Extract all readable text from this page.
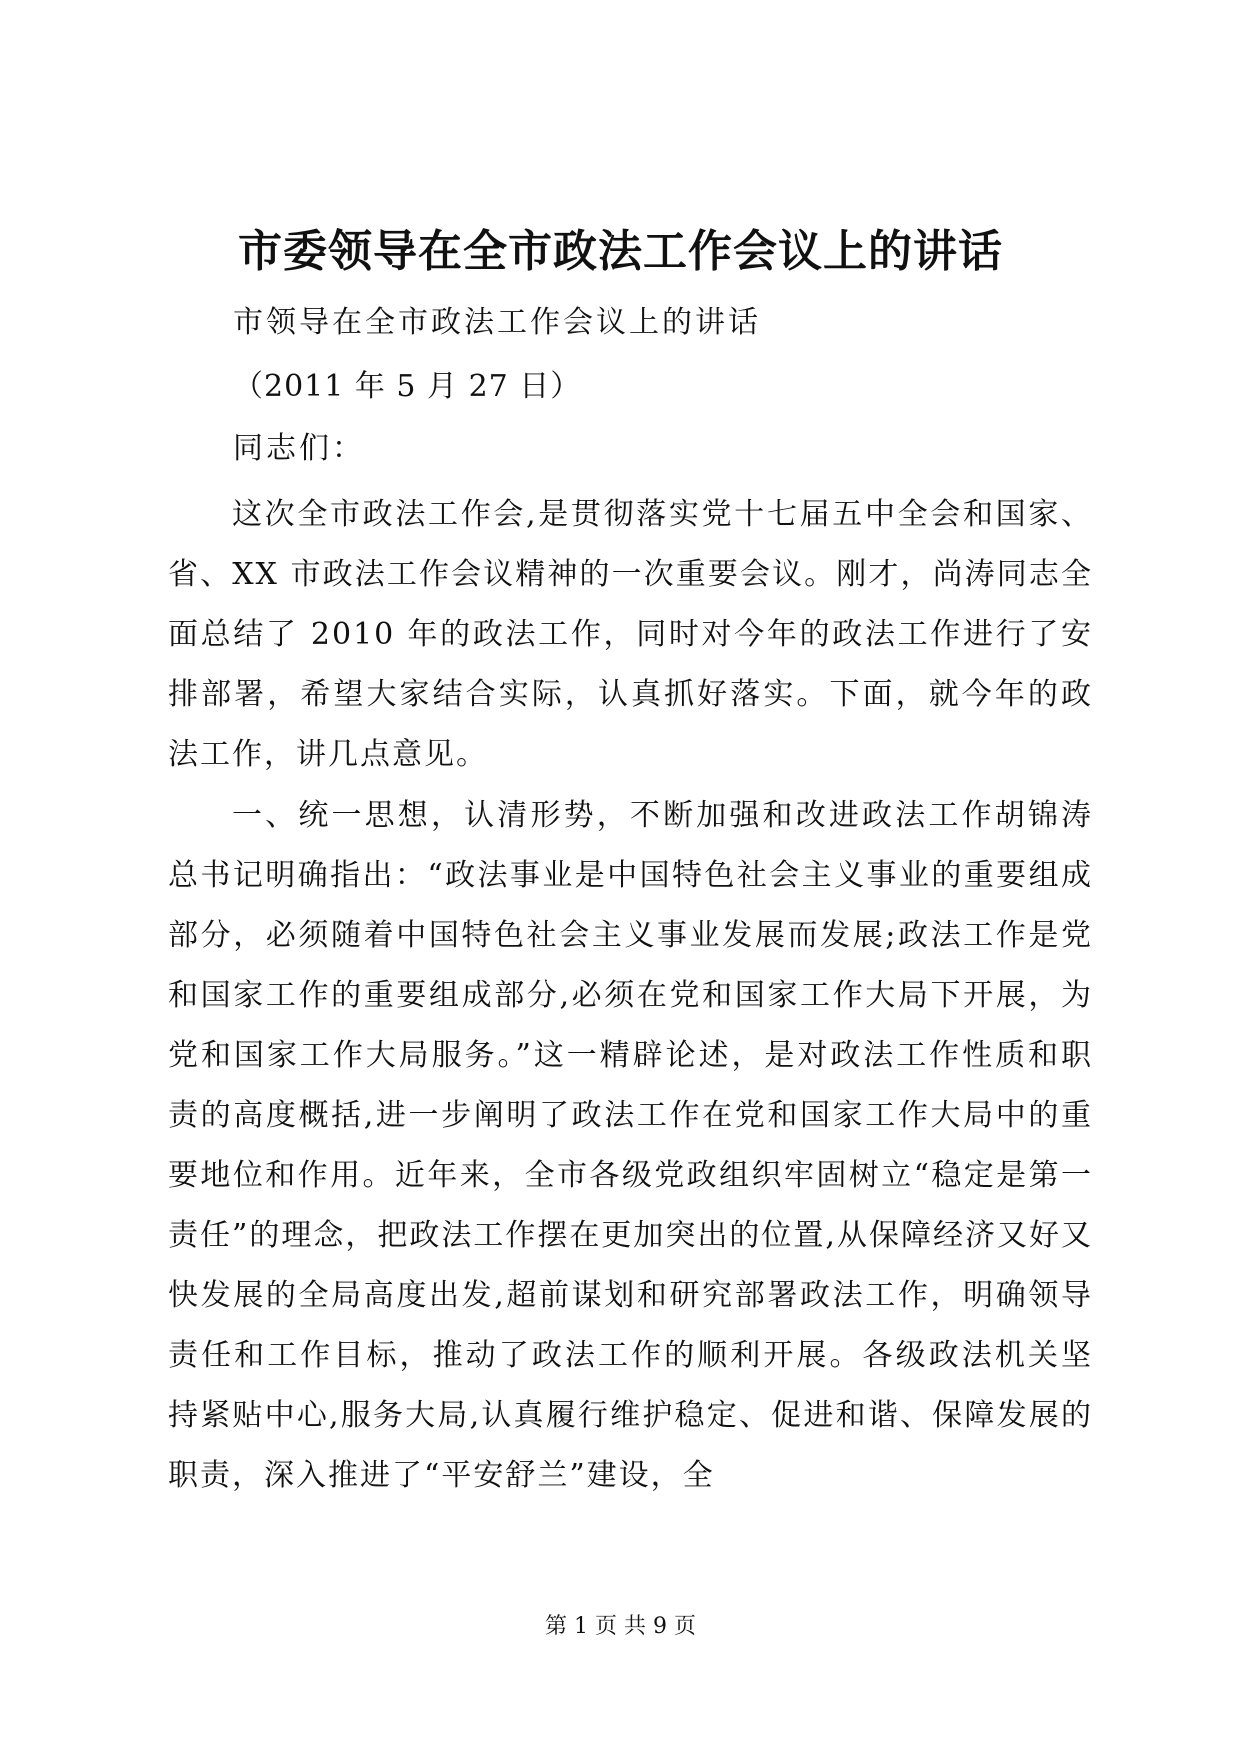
市委领导在全市政法工作会议上的讲话

市领导在全市政法工作会议上的讲话

（2011 年 5 月 27 日）

同志们：

这次全市政法工作会,是贯彻落实党十七届五中全会和国家、省、XX 市政法工作会议精神的一次重要会议。刚才，尚涛同志全面总结了 2010 年的政法工作，同时对今年的政法工作进行了安排部署，希望大家结合实际，认真抓好落实。下面，就今年的政法工作，讲几点意见。

一、统一思想，认清形势，不断加强和改进政法工作胡锦涛总书记明确指出：“政法事业是中国特色社会主义事业的重要组成部分，必须随着中国特色社会主义事业发展而发展;政法工作是党和国家工作的重要组成部分,必须在党和国家工作大局下开展，为党和国家工作大局服务。”这一精辟论述，是对政法工作性质和职责的高度概括,进一步阐明了政法工作在党和国家工作大局中的重要地位和作用。近年来，全市各级党政组织牢固树立“稳定是第一责任”的理念，把政法工作摆在更加突出的位置,从保障经济又好又快发展的全局高度出发,超前谋划和研究部署政法工作，明确领导责任和工作目标，推动了政法工作的顺利开展。各级政法机关坚持紧贴中心,服务大局,认真履行维护稳定、促进和谐、保障发展的职责，深入推进了“平安舒兰”建设，全

第 1 页 共 9 页
